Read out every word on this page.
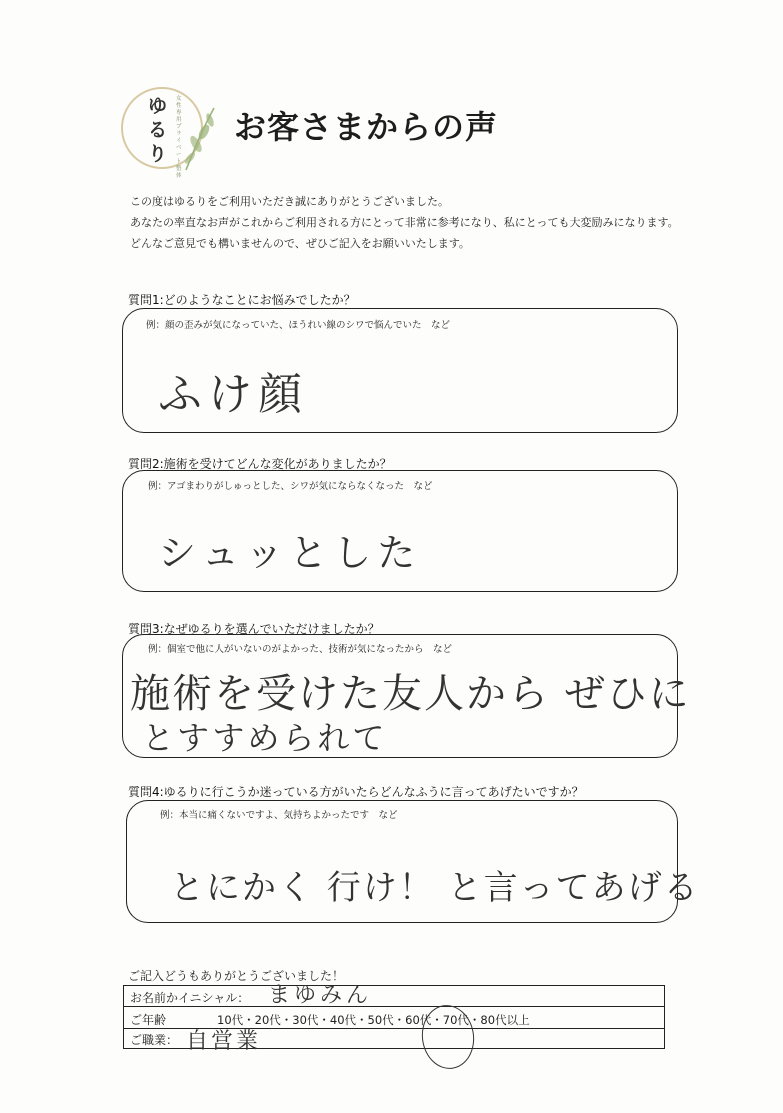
ゆるり
女性専用プライベート整体
お客さまからの声
この度はゆるりをご利用いただき誠にありがとうございました。
あなたの率直なお声がこれからご利用される方にとって非常に参考になり、私にとっても大変励みになります。
どんなご意見でも構いませんので、ぜひご記入をお願いいたします。
質問1:どのようなことにお悩みでしたか？
例：顔の歪みが気になっていた、ほうれい線のシワで悩んでいた　など
ふけ顔
質問2:施術を受けてどんな変化がありましたか？
例：アゴまわりがしゅっとした、シワが気にならなくなった　など
シュッとした
質問3:なぜゆるりを選んでいただけましたか？
例：個室で他に人がいないのがよかった、技術が気になったから　など
施術を受けた友人から ぜひに
とすすめられて
質問4:ゆるりに行こうか迷っている方がいたらどんなふうに言ってあげたいですか？
例：本当に痛くないですよ、気持ちよかったです　など
とにかく 行け！ と言ってあげる
ご記入どうもありがとうございました！
お名前かイニシャル：
ご年齢	10代・20代・30代・40代・50代・60代・70代・80代以上
ご職業：
まゆみん
自営業
